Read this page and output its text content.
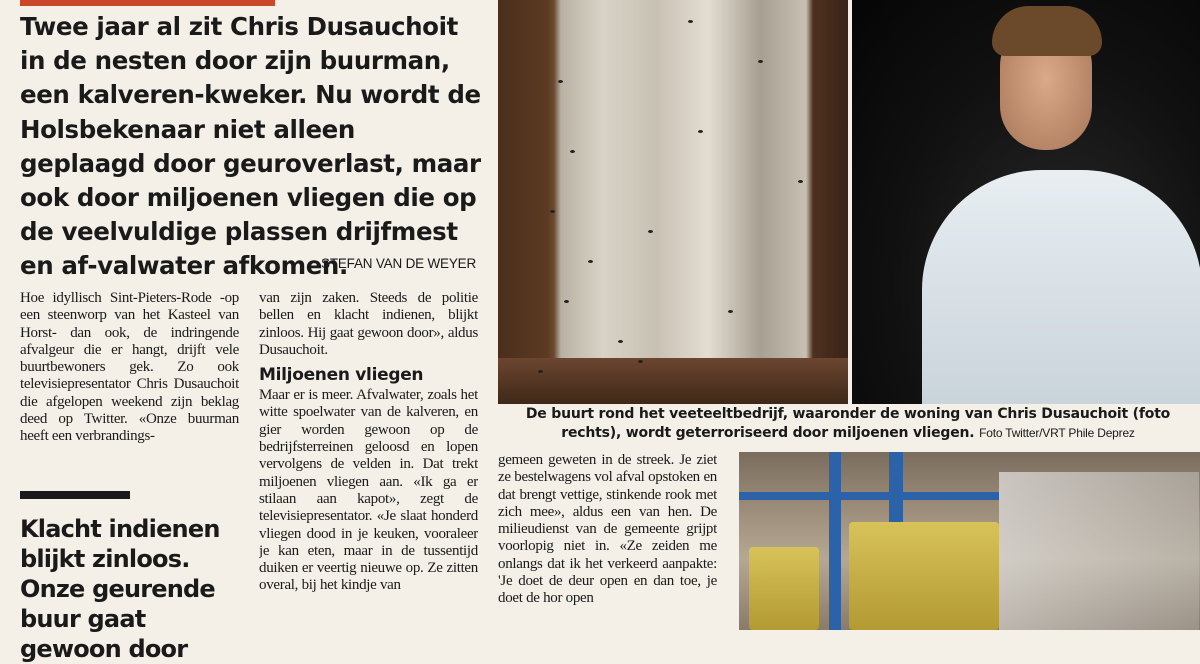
Twee jaar al zit Chris Dusauchoit in de nesten door zijn buurman, een kalveren-kweker. Nu wordt de Holsbekenaar niet alleen geplaagd door geuroverlast, maar ook door miljoenen vliegen die op de veelvuldige plassen drijfmest en af-valwater afkomen.

STEFAN VAN DE WEYER

Hoe idyllisch Sint-Pieters-Rode -op een steenworp van het Kasteel van Horst- dan ook, de indringende afvalgeur die er hangt, drijft vele buurtbewoners gek. Zo ook televisiepresentator Chris Dusauchoit die afgelopen weekend zijn beklag deed op Twitter. «Onze buurman heeft een verbrandings-

Klacht indienen blijkt zinloos. Onze geurende buur gaat gewoon door

van zijn zaken. Steeds de politie bellen en klacht indienen, blijkt zinloos. Hij gaat gewoon door», aldus Dusauchoit.

Miljoenen vliegen

Maar er is meer. Afvalwater, zoals het witte spoelwater van de kalveren, en gier worden gewoon op de bedrijfsterreinen geloosd en lopen vervolgens de velden in. Dat trekt miljoenen vliegen aan. «Ik ga er stilaan aan kapot», zegt de televisiepresentator. «Je slaat honderd vliegen dood in je keuken, vooraleer je kan eten, maar in de tussentijd duiken er veertig nieuwe op. Ze zitten overal, bij het kindje van

De buurt rond het veeteeltbedrijf, waaronder de woning van Chris Dusauchoit (foto rechts), wordt geterroriseerd door miljoenen vliegen. Foto Twitter/VRT Phile Deprez

gemeen geweten in de streek. Je ziet ze bestelwagens vol afval opstoken en dat brengt vettige, stinkende rook met zich mee», aldus een van hen. De milieudienst van de gemeente grijpt voorlopig niet in. «Ze zeiden me onlangs dat ik het verkeerd aanpakte: 'Je doet de deur open en dan toe, je doet de hor open
